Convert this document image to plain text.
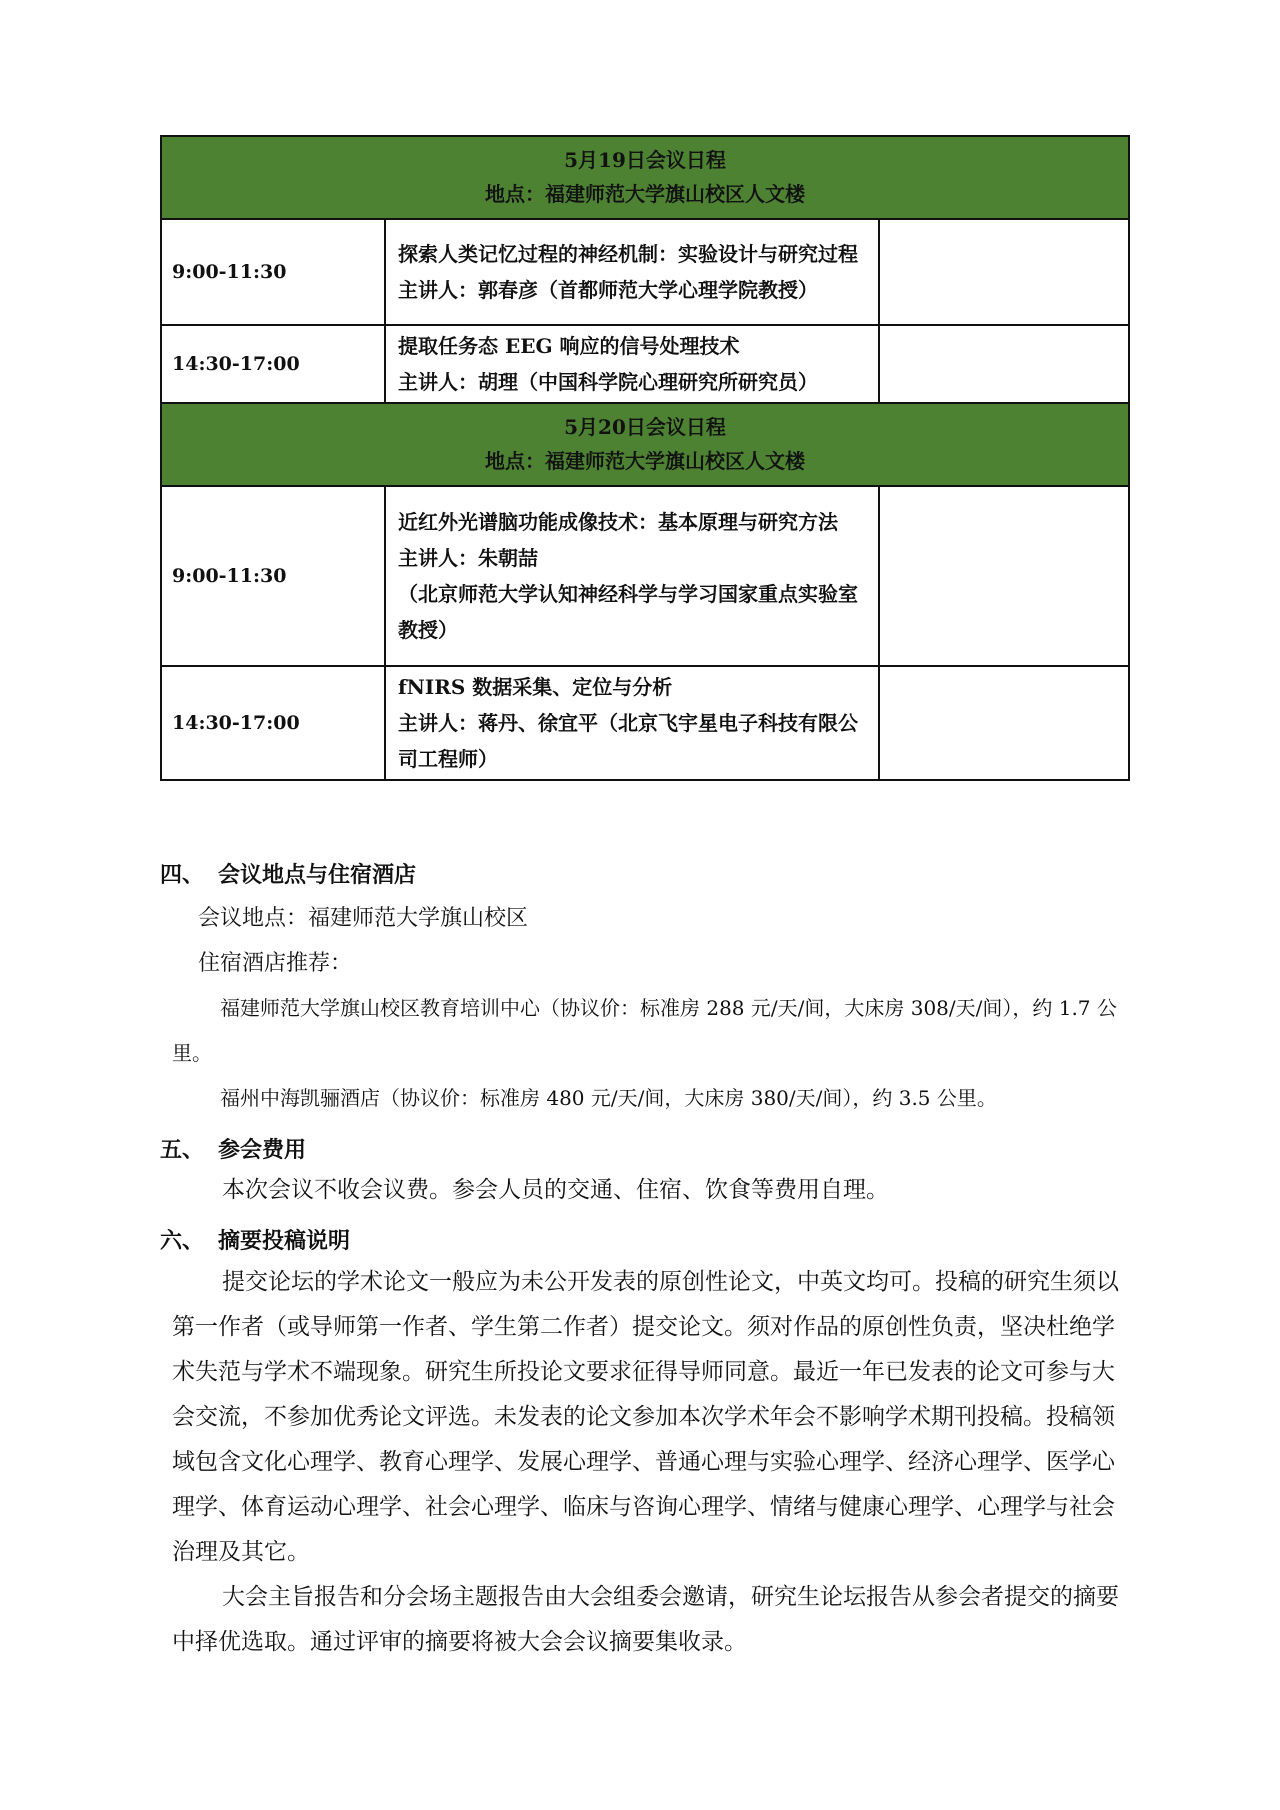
5月19日会议日程
地点：福建师范大学旗山校区人文楼		

9:00-11:30	探索人类记忆过程的神经机制：实验设计与研究过程
主讲人：郭春彦（首都师范大学心理学院教授）	

14:30-17:00	提取任务态 EEG 响应的信号处理技术
主讲人：胡理（中国科学院心理研究所研究员）	

5月20日会议日程
地点：福建师范大学旗山校区人文楼		

9:00-11:30	近红外光谱脑功能成像技术：基本原理与研究方法
主讲人：朱朝喆
（北京师范大学认知神经科学与学习国家重点实验室教授）	

14:30-17:00	fNIRS 数据采集、定位与分析
主讲人：蒋丹、徐宜平（北京飞宇星电子科技有限公司工程师）	

四、 会议地点与住宿酒店
会议地点：福建师范大学旗山校区
住宿酒店推荐：

福建师范大学旗山校区教育培训中心（协议价：标准房 288 元/天/间，大床房 308/天/间），约 1.7 公里。

福州中海凯骊酒店（协议价：标准房 480 元/天/间，大床房 380/天/间），约 3.5 公里。

五、 参会费用
本次会议不收会议费。参会人员的交通、住宿、饮食等费用自理。
六、 摘要投稿说明

提交论坛的学术论文一般应为未公开发表的原创性论文，中英文均可。投稿的研究生须以第一作者（或导师第一作者、学生第二作者）提交论文。须对作品的原创性负责，坚决杜绝学术失范与学术不端现象。研究生所投论文要求征得导师同意。最近一年已发表的论文可参与大会交流，不参加优秀论文评选。未发表的论文参加本次学术年会不影响学术期刊投稿。投稿领域包含文化心理学、教育心理学、发展心理学、普通心理与实验心理学、经济心理学、医学心理学、体育运动心理学、社会心理学、临床与咨询心理学、情绪与健康心理学、心理学与社会治理及其它。

大会主旨报告和分会场主题报告由大会组委会邀请，研究生论坛报告从参会者提交的摘要中择优选取。通过评审的摘要将被大会会议摘要集收录。
